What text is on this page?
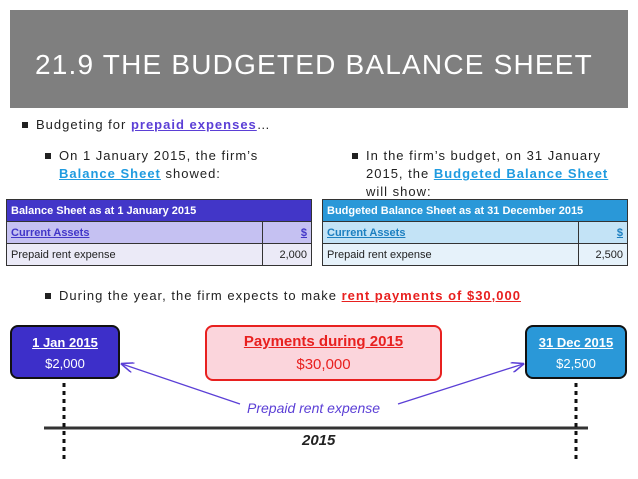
21.9 THE BUDGETED BALANCE SHEET
Budgeting for prepaid expenses…
On 1 January 2015, the firm’s
Balance Sheet showed:
In the firm’s budget, on 31 January
2015, the Budgeted Balance Sheet
will show:
Balance Sheet as at 1 January 2015	
Current Assets	$
Prepaid rent expense	2,000
Budgeted Balance Sheet as at 31 December 2015	
Current Assets	$
Prepaid rent expense	2,500
During the year, the firm expects to make rent payments of $30,000
1 Jan 2015
$2,000
Payments during 2015
$30,000
31 Dec 2015
$2,500
Prepaid rent expense
2015
